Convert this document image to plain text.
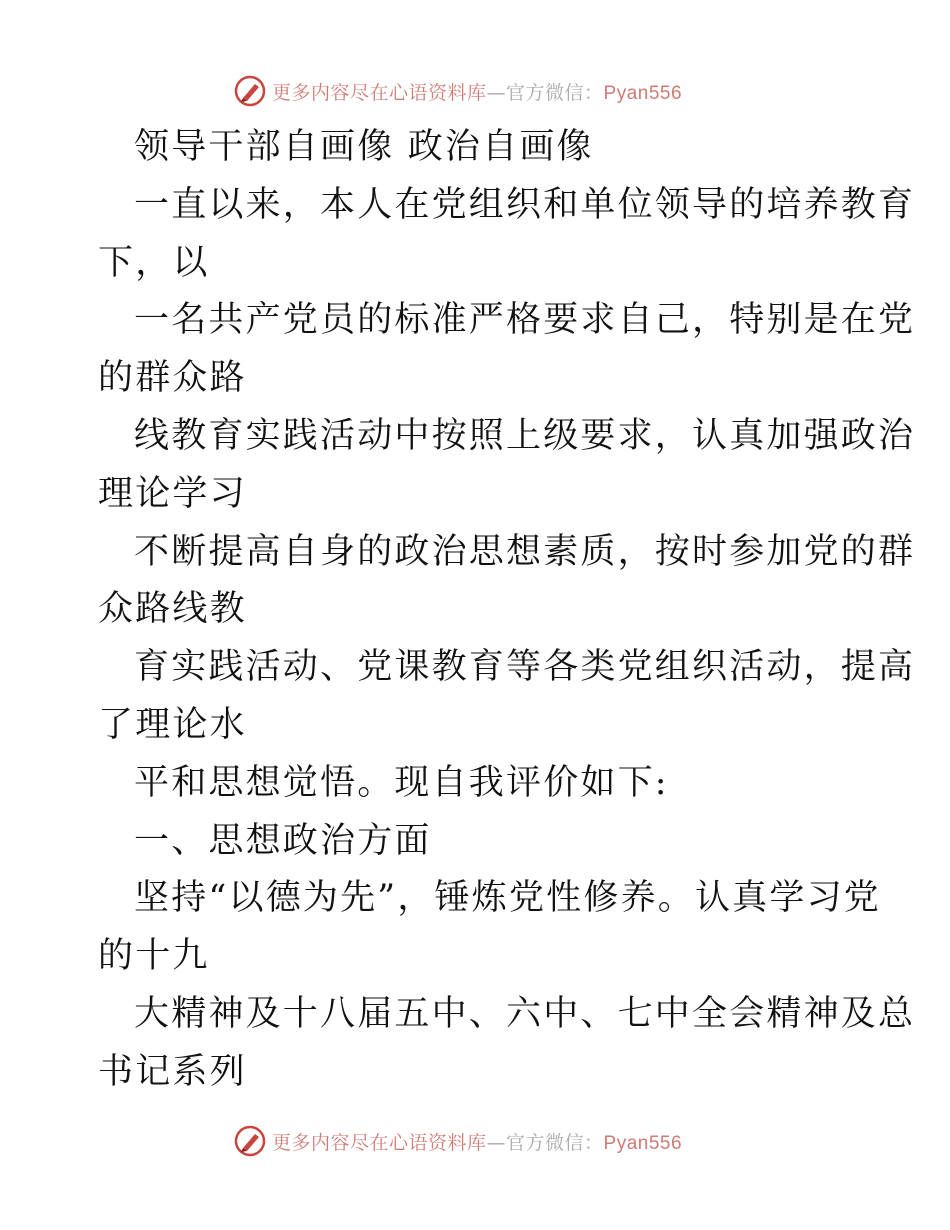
更多内容尽在心语资料库—官方微信：Pyan556
领导干部自画像 政治自画像
一直以来，本人在党组织和单位领导的培养教育
下，以
一名共产党员的标准严格要求自己，特别是在党
的群众路
线教育实践活动中按照上级要求，认真加强政治
理论学习
不断提高自身的政治思想素质，按时参加党的群
众路线教
育实践活动、党课教育等各类党组织活动，提高
了理论水
平和思想觉悟。现自我评价如下:
一、思想政治方面
坚持“以德为先”，锤炼党性修养。认真学习党
的十九
大精神及十八届五中、六中、七中全会精神及总
书记系列
更多内容尽在心语资料库—官方微信：Pyan556
